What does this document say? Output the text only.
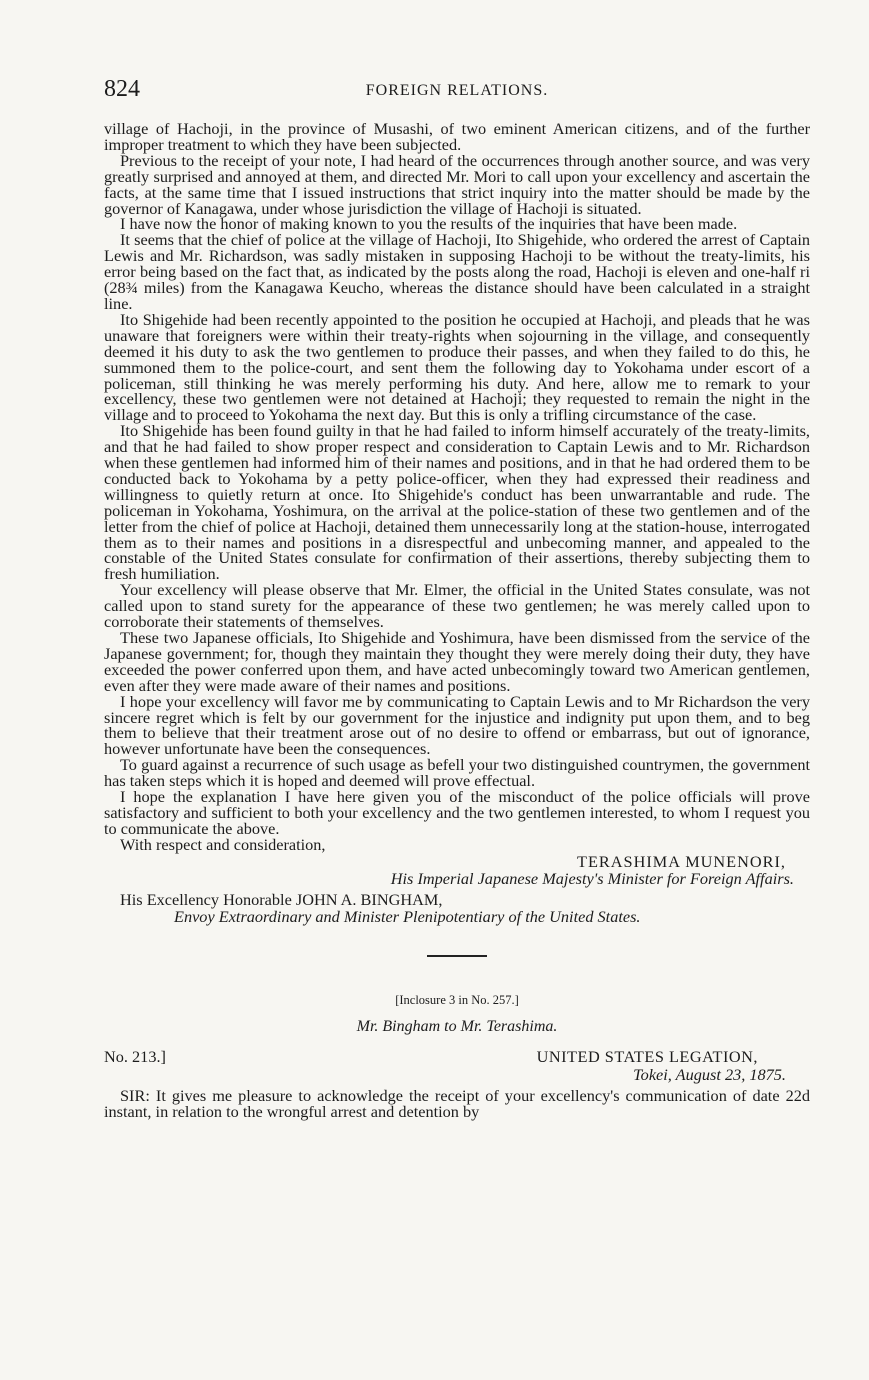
824	FOREIGN RELATIONS.

village of Hachoji, in the province of Musashi, of two eminent American citizens, and of the further improper treatment to which they have been subjected.

Previous to the receipt of your note, I had heard of the occurrences through another source, and was very greatly surprised and annoyed at them, and directed Mr. Mori to call upon your excellency and ascertain the facts, at the same time that I issued instructions that strict inquiry into the matter should be made by the governor of Kanagawa, under whose jurisdiction the village of Hachoji is situated.

I have now the honor of making known to you the results of the inquiries that have been made.

It seems that the chief of police at the village of Hachoji, Ito Shigehide, who ordered the arrest of Captain Lewis and Mr. Richardson, was sadly mistaken in supposing Hachoji to be without the treaty-limits, his error being based on the fact that, as indicated by the posts along the road, Hachoji is eleven and one-half ri (28¾ miles) from the Kanagawa Keucho, whereas the distance should have been calculated in a straight line.

Ito Shigehide had been recently appointed to the position he occupied at Hachoji, and pleads that he was unaware that foreigners were within their treaty-rights when sojourning in the village, and consequently deemed it his duty to ask the two gentlemen to produce their passes, and when they failed to do this, he summoned them to the police-court, and sent them the following day to Yokohama under escort of a policeman, still thinking he was merely performing his duty. And here, allow me to remark to your excellency, these two gentlemen were not detained at Hachoji; they requested to remain the night in the village and to proceed to Yokohama the next day. But this is only a trifling circumstance of the case.

Ito Shigehide has been found guilty in that he had failed to inform himself accurately of the treaty-limits, and that he had failed to show proper respect and consideration to Captain Lewis and to Mr. Richardson when these gentlemen had informed him of their names and positions, and in that he had ordered them to be conducted back to Yokohama by a petty police-officer, when they had expressed their readiness and willingness to quietly return at once. Ito Shigehide's conduct has been unwarrantable and rude. The policeman in Yokohama, Yoshimura, on the arrival at the police-station of these two gentlemen and of the letter from the chief of police at Hachoji, detained them unnecessarily long at the station-house, interrogated them as to their names and positions in a disrespectful and unbecoming manner, and appealed to the constable of the United States consulate for confirmation of their assertions, thereby subjecting them to fresh humiliation.

Your excellency will please observe that Mr. Elmer, the official in the United States consulate, was not called upon to stand surety for the appearance of these two gentlemen; he was merely called upon to corroborate their statements of themselves.

These two Japanese officials, Ito Shigehide and Yoshimura, have been dismissed from the service of the Japanese government; for, though they maintain they thought they were merely doing their duty, they have exceeded the power conferred upon them, and have acted unbecomingly toward two American gentlemen, even after they were made aware of their names and positions.

I hope your excellency will favor me by communicating to Captain Lewis and to Mr Richardson the very sincere regret which is felt by our government for the injustice and indignity put upon them, and to beg them to believe that their treatment arose out of no desire to offend or embarrass, but out of ignorance, however unfortunate have been the consequences.

To guard against a recurrence of such usage as befell your two distinguished countrymen, the government has taken steps which it is hoped and deemed will prove effectual.

I hope the explanation I have here given you of the misconduct of the police officials will prove satisfactory and sufficient to both your excellency and the two gentlemen interested, to whom I request you to communicate the above.

With respect and consideration,

TERASHIMA MUNENORI,
His Imperial Japanese Majesty's Minister for Foreign Affairs.
His Excellency Honorable JOHN A. BINGHAM,
Envoy Extraordinary and Minister Plenipotentiary of the United States.
[Inclosure 3 in No. 257.]
Mr. Bingham to Mr. Terashima.
No. 213.]	UNITED STATES LEGATION,
Tokei, August 23, 1875.

SIR: It gives me pleasure to acknowledge the receipt of your excellency's communication of date 22d instant, in relation to the wrongful arrest and detention by
